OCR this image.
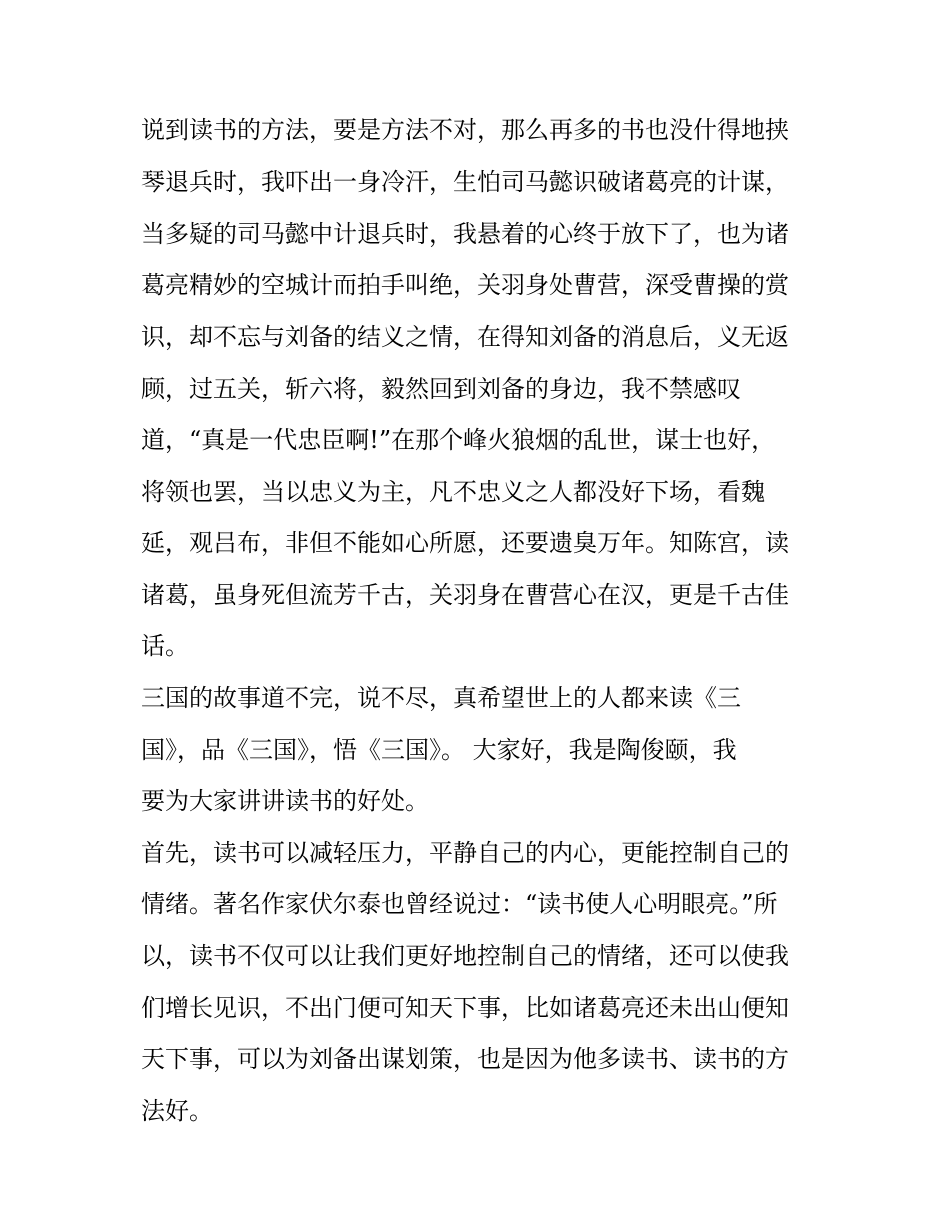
说到读书的方法，要是方法不对，那么再多的书也没什得地挟

琴退兵时，我吓出一身冷汗，生怕司马懿识破诸葛亮的计谋，

当多疑的司马懿中计退兵时，我悬着的心终于放下了，也为诸

葛亮精妙的空城计而拍手叫绝，关羽身处曹营，深受曹操的赏

识，却不忘与刘备的结义之情，在得知刘备的消息后，义无返

顾，过五关，斩六将，毅然回到刘备的身边，我不禁感叹

道，“真是一代忠臣啊!”在那个峰火狼烟的乱世，谋士也好，

将领也罢，当以忠义为主，凡不忠义之人都没好下场，看魏

延，观吕布，非但不能如心所愿，还要遗臭万年。知陈宫，读

诸葛，虽身死但流芳千古，关羽身在曹营心在汉，更是千古佳

话。

三国的故事道不完，说不尽，真希望世上的人都来读《三

国》，品《三国》，悟《三国》。 大家好，我是陶俊颐，我

要为大家讲讲读书的好处。

首先，读书可以减轻压力，平静自己的内心，更能控制自己的

情绪。著名作家伏尔泰也曾经说过：“读书使人心明眼亮。”所

以，读书不仅可以让我们更好地控制自己的情绪，还可以使我

们增长见识，不出门便可知天下事，比如诸葛亮还未出山便知

天下事，可以为刘备出谋划策，也是因为他多读书、读书的方

法好。
